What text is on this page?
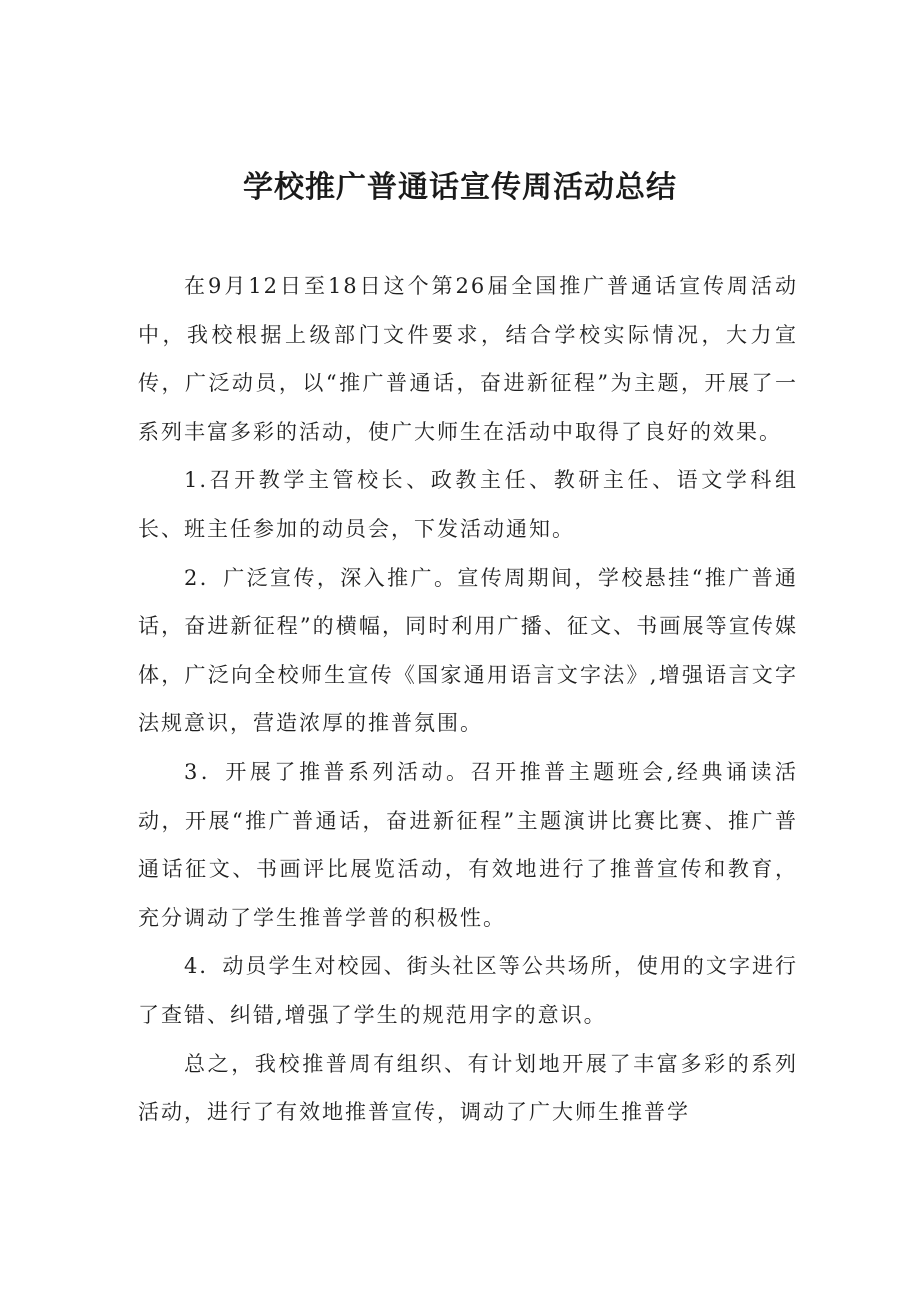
学校推广普通话宣传周活动总结

在9月12日至18日这个第26届全国推广普通话宣传周活动中，我校根据上级部门文件要求，结合学校实际情况，大力宣传，广泛动员，以“推广普通话，奋进新征程”为主题，开展了一系列丰富多彩的活动，使广大师生在活动中取得了良好的效果。

1.召开教学主管校长、政教主任、教研主任、语文学科组长、班主任参加的动员会，下发活动通知。

2．广泛宣传，深入推广。宣传周期间，学校悬挂“推广普通话，奋进新征程”的横幅，同时利用广播、征文、书画展等宣传媒体，广泛向全校师生宣传《国家通用语言文字法》,增强语言文字法规意识，营造浓厚的推普氛围。

3．开展了推普系列活动。召开推普主题班会,经典诵读活动，开展“推广普通话，奋进新征程”主题演讲比赛比赛、推广普通话征文、书画评比展览活动，有效地进行了推普宣传和教育，充分调动了学生推普学普的积极性。

4．动员学生对校园、街头社区等公共场所，使用的文字进行了查错、纠错,增强了学生的规范用字的意识。

总之，我校推普周有组织、有计划地开展了丰富多彩的系列活动，进行了有效地推普宣传，调动了广大师生推普学
